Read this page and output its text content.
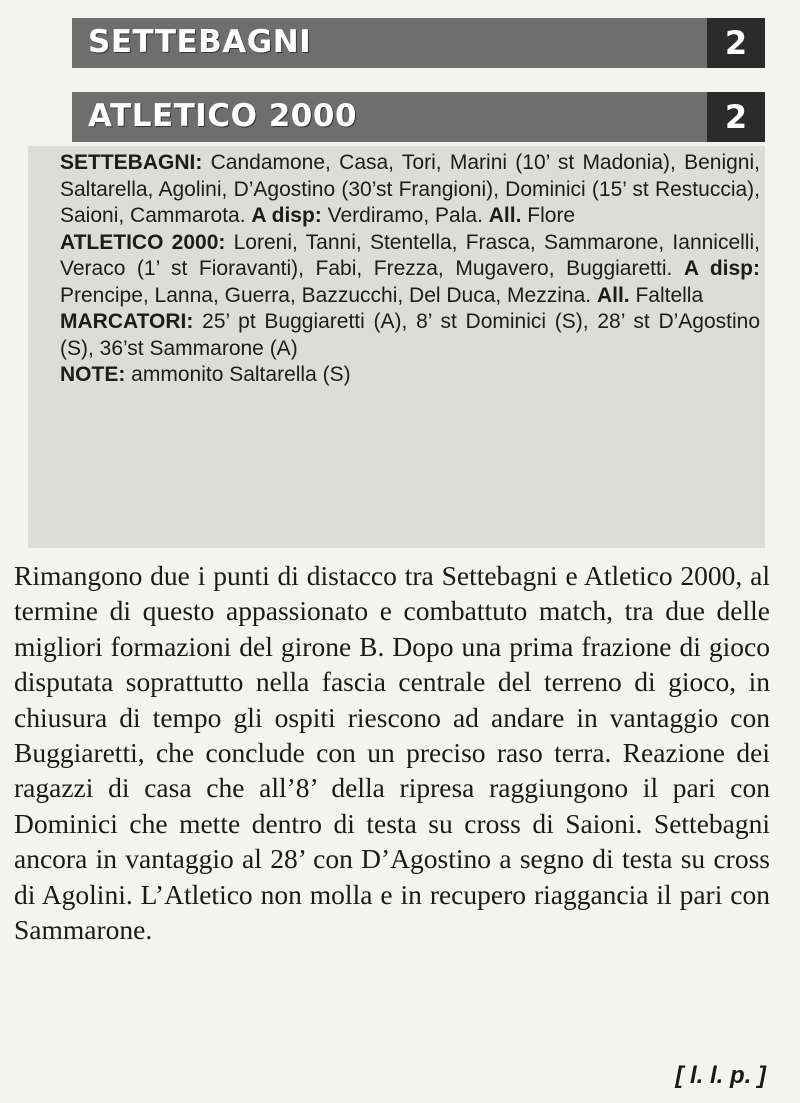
SETTEBAGNI	2
ATLETICO 2000	2

SETTEBAGNI: Candamone, Casa, Tori, Marini (10’ st Madonia), Benigni, Saltarella, Agolini, D’Agostino (30’st Frangioni), Dominici (15’ st Restuccia), Saioni, Cammarota. A disp: Verdiramo, Pala. All. Flore

ATLETICO 2000: Loreni, Tanni, Stentella, Frasca, Sammarone, Iannicelli, Veraco (1’ st Fioravanti), Fabi, Frezza, Mugavero, Buggiaretti. A disp: Prencipe, Lanna, Guerra, Bazzucchi, Del Duca, Mezzina. All. Faltella

MARCATORI: 25’ pt Buggiaretti (A), 8’ st Dominici (S), 28’ st D’Agostino (S), 36’st Sammarone (A)

NOTE: ammonito Saltarella (S)

Rimangono due i punti di distacco tra Settebagni e Atletico 2000, al termine di questo appassionato e combattuto match, tra due delle migliori formazioni del girone B. Dopo una prima frazione di gioco disputata soprattutto nella fascia centrale del terreno di gioco, in chiusura di tempo gli ospiti riescono ad andare in vantaggio con Buggiaretti, che conclude con un preciso raso terra. Reazione dei ragazzi di casa che all’8’ della ripresa raggiungono il pari con Dominici che mette dentro di testa su cross di Saioni. Settebagni ancora in vantaggio al 28’ con D’Agostino a segno di testa su cross di Agolini. L’Atletico non molla e in recupero riaggancia il pari con Sammarone.
[ l. l. p. ]
